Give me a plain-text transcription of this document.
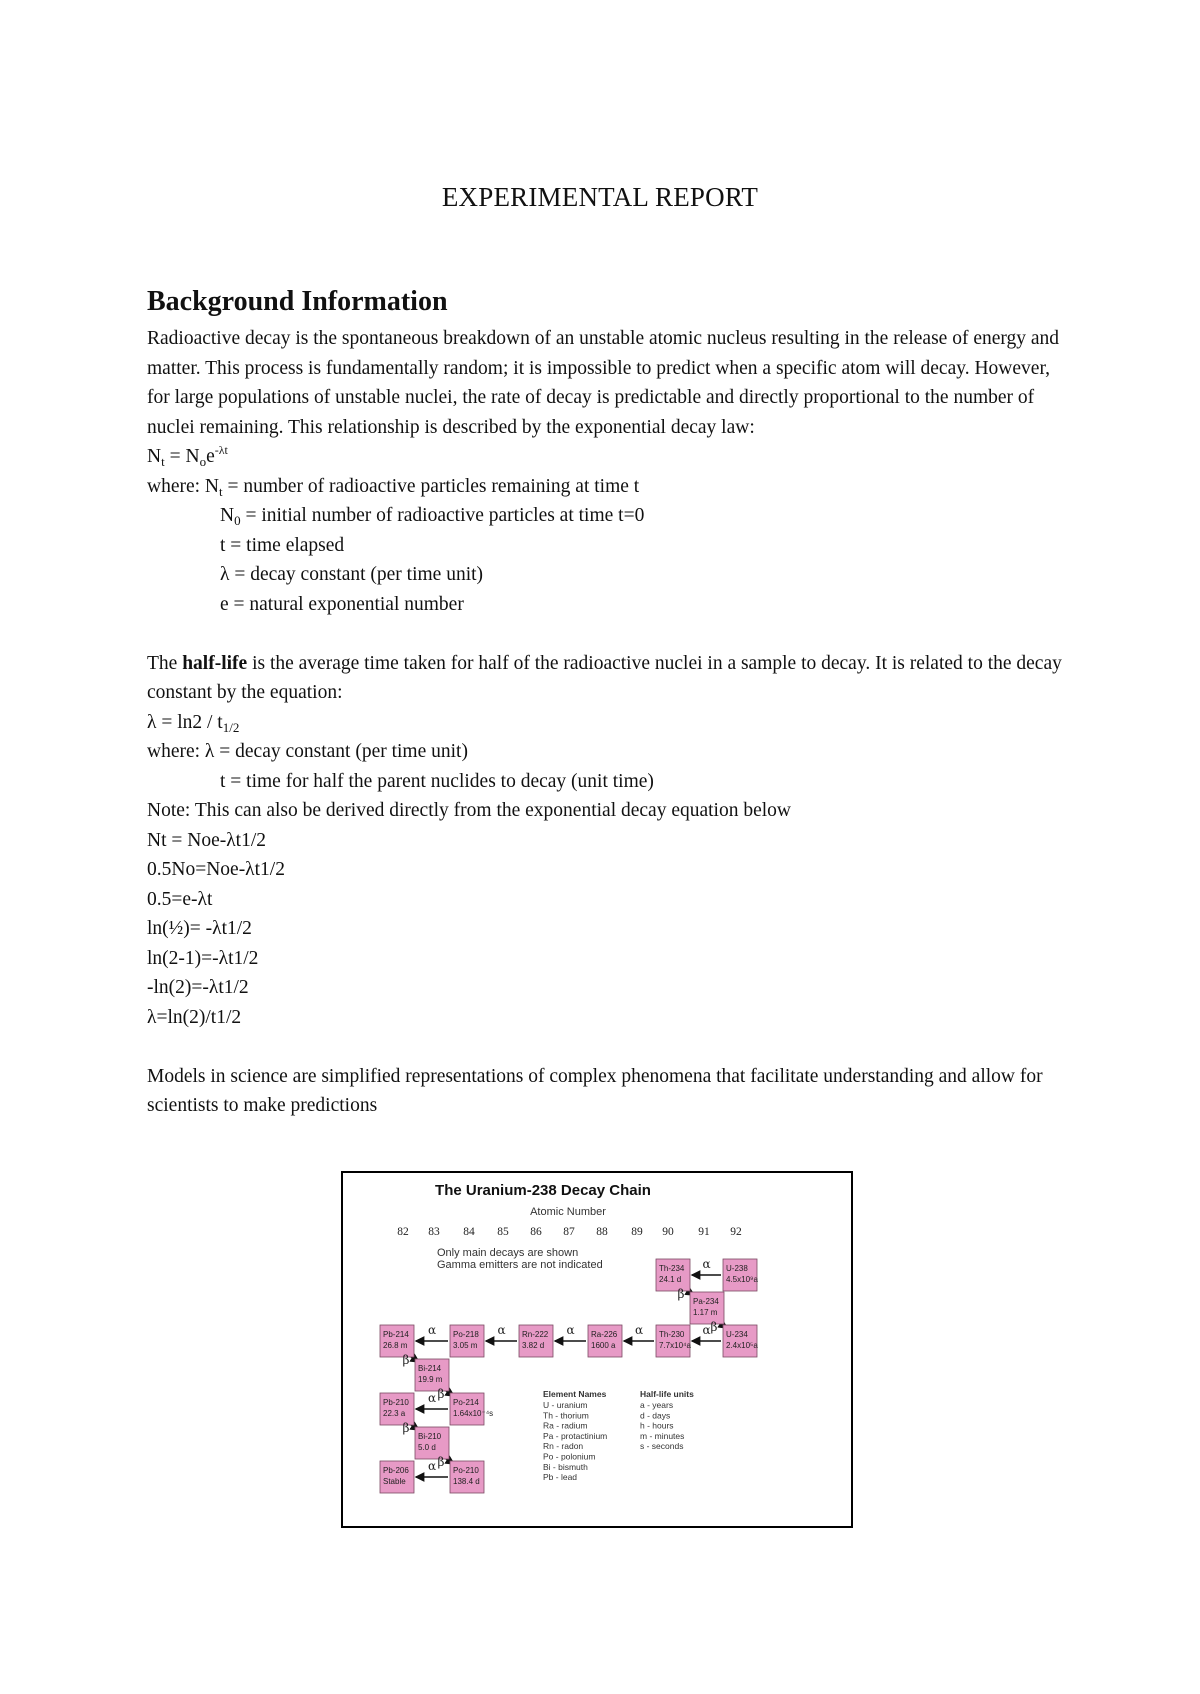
EXPERIMENTAL REPORT
Background Information
Radioactive decay is the spontaneous breakdown of an unstable atomic nucleus resulting in the release of energy and matter. This process is fundamentally random; it is impossible to predict when a specific atom will decay. However, for large populations of unstable nuclei, the rate of decay is predictable and directly proportional to the number of nuclei remaining. This relationship is described by the exponential decay law:
$N_t = N_oe^{-\lambda t}$
where: $N_t$ = number of radioactive particles remaining at time t
$N_0$ = initial number of radioactive particles at time t=0
t = time elapsed
λ = decay constant (per time unit)
e = natural exponential number
The half-life is the average time taken for half of the radioactive nuclei in a sample to decay. It is related to the decay constant by the equation:
$\lambda = \ln 2 / t_{1/2}$
where: λ = decay constant (per time unit)
t = time for half the parent nuclides to decay (unit time)
Note: This can also be derived directly from the exponential decay equation below
Nt = Noe-λt1/2
0.5No=Noe-λt1/2
0.5=e-λt
ln(½)= -λt1/2
ln(2-1)=-λt1/2
-ln(2)=-λt1/2
λ=ln(2)/t1/2
Models in science are simplified representations of complex phenomena that facilitate understanding and allow for scientists to make predictions
The Uranium-238 Decay Chain
Atomic Number
82 83 84 85 86 87 88 89 90 91 92
Only main decays are shown
Gamma emitters are not indicated	U-238
4.5x10⁹a
Th-234
24.1 d
Pa-234
1.17 m
U-234
2.4x10⁵a
Th-230
7.7x10⁴a
Ra-226
1600 a
Rn-222
3.82 d
Po-218
3.05 m
Pb-214
26.8 m
Bi-214
19.9 m
Po-214
1.64x10⁻⁴s
Pb-210
22.3 a
Bi-210
5.0 d
Po-210
138.4 d
Pb-206
Stable
α
β
β
α
α
α
α
α
β
β
α
β
β
α
Element Names
U - uranium
Th - thorium
Ra - radium
Pa - protactinium
Rn - radon
Po - polonium
Bi - bismuth
Pb - lead
Half-life units
a - years
d - days
h - hours
m - minutes
s - seconds
